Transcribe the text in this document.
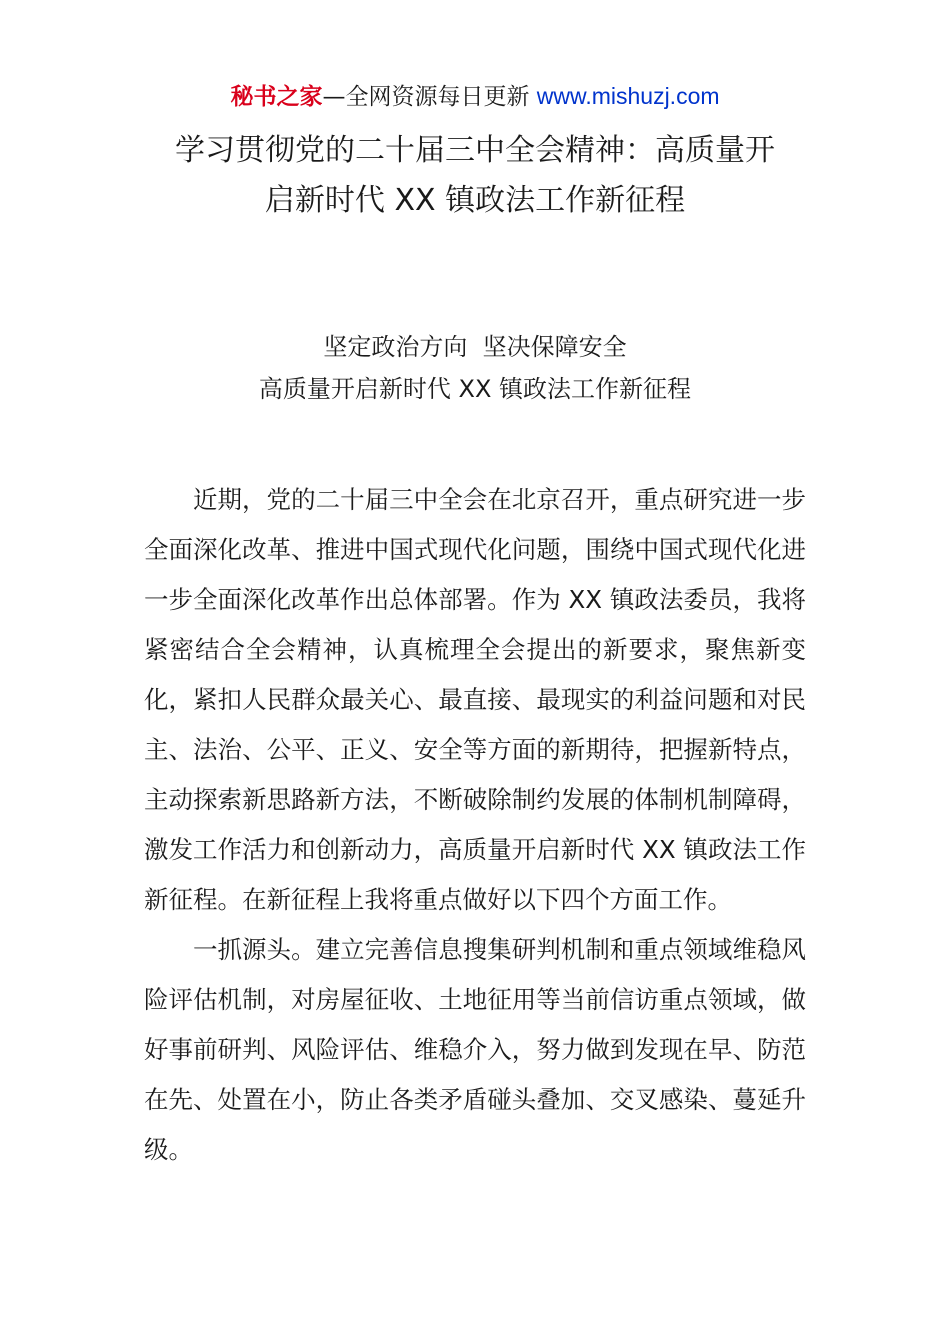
秘书之家—全网资源每日更新 www.mishuzj.com
学习贯彻党的二十届三中全会精神：高质量开
启新时代 XX 镇政法工作新征程
坚定政治方向  坚决保障安全
高质量开启新时代 XX 镇政法工作新征程

近期，党的二十届三中全会在北京召开，重点研究进一步全面深化改革、推进中国式现代化问题，围绕中国式现代化进一步全面深化改革作出总体部署。作为 XX 镇政法委员，我将紧密结合全会精神，认真梳理全会提出的新要求，聚焦新变化，紧扣人民群众最关心、最直接、最现实的利益问题和对民主、法治、公平、正义、安全等方面的新期待，把握新特点，主动探索新思路新方法，不断破除制约发展的体制机制障碍，激发工作活力和创新动力，高质量开启新时代 XX 镇政法工作新征程。在新征程上我将重点做好以下四个方面工作。

一抓源头。建立完善信息搜集研判机制和重点领域维稳风险评估机制，对房屋征收、土地征用等当前信访重点领域，做好事前研判、风险评估、维稳介入，努力做到发现在早、防范在先、处置在小，防止各类矛盾碰头叠加、交叉感染、蔓延升级。
